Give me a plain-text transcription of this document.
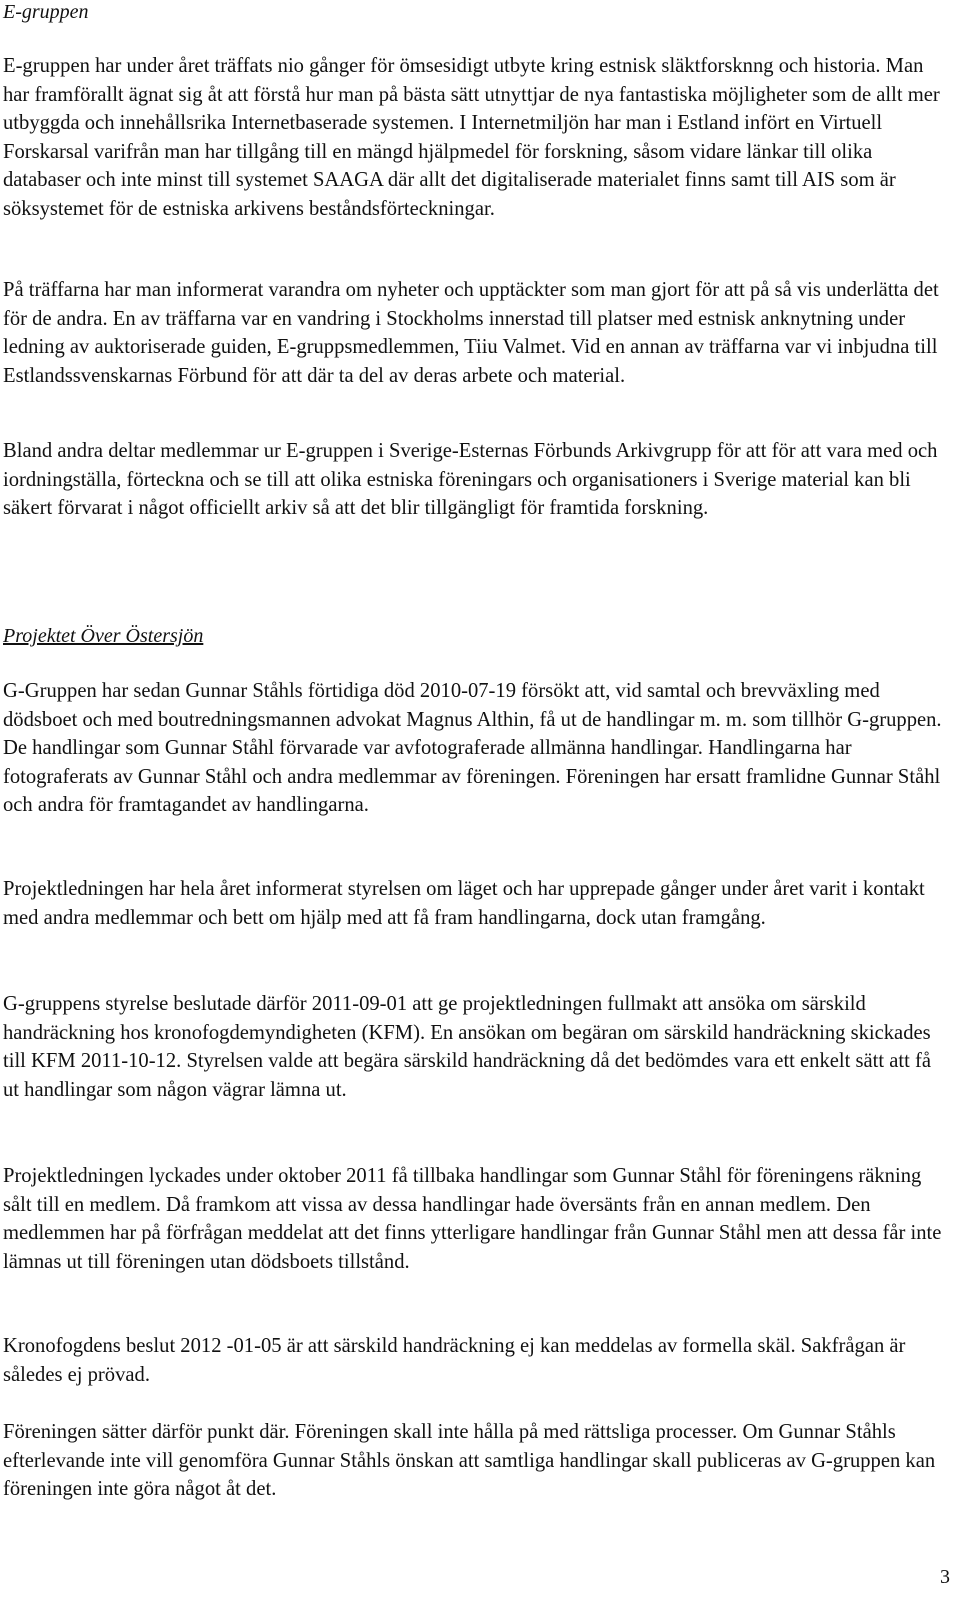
E-gruppen

E-gruppen har under året träffats nio gånger för ömsesidigt utbyte kring estnisk släktforsknng och historia. Man har framförallt ägnat sig åt att förstå hur man på bästa sätt utnyttjar de nya fantastiska möjligheter som de allt mer utbyggda och innehållsrika Internetbaserade systemen. I Internetmiljön har man i Estland infört en Virtuell Forskarsal varifrån man har tillgång till en mängd hjälpmedel för forskning, såsom vidare länkar till olika databaser och inte minst till systemet SAAGA där allt det digitaliserade materialet finns samt till AIS som är söksystemet för de estniska arkivens beståndsförteckningar.

På träffarna har man informerat varandra om nyheter och upptäckter som man gjort för att på så vis underlätta det för de andra. En av träffarna var en vandring i Stockholms innerstad till platser med estnisk anknytning under ledning av auktoriserade guiden, E-gruppsmedlemmen, Tiiu Valmet. Vid en annan av träffarna var vi inbjudna till Estlandssvenskarnas Förbund för att där ta del av deras arbete och material.

Bland andra deltar medlemmar ur E-gruppen i Sverige-Esternas Förbunds Arkivgrupp för att för att vara med och iordningställa, förteckna och se till att olika estniska föreningars och organisationers i Sverige material kan bli säkert förvarat i något officiellt arkiv så att det blir tillgängligt för framtida forskning.

Projektet Över Östersjön

G-Gruppen har sedan Gunnar Ståhls förtidiga död 2010-07-19 försökt att, vid samtal och brevväxling med dödsboet och med boutredningsmannen advokat Magnus Althin, få ut de handlingar m. m. som tillhör G-gruppen. De handlingar som Gunnar Ståhl förvarade var avfotograferade allmänna handlingar. Handlingarna har fotograferats av Gunnar Ståhl och andra medlemmar av föreningen. Föreningen har ersatt framlidne Gunnar Ståhl och andra för framtagandet av handlingarna.

Projektledningen har hela året informerat styrelsen om läget och har upprepade gånger under året varit i kontakt med andra medlemmar och bett om hjälp med att få fram handlingarna, dock utan framgång.

G-gruppens styrelse beslutade därför 2011-09-01 att ge projektledningen fullmakt att ansöka om särskild handräckning hos kronofogdemyndigheten (KFM). En ansökan om begäran om särskild handräckning skickades till KFM 2011-10-12. Styrelsen valde att begära särskild handräckning då det bedömdes vara ett enkelt sätt att få ut handlingar som någon vägrar lämna ut.

Projektledningen lyckades under oktober 2011 få tillbaka handlingar som Gunnar Ståhl för föreningens räkning sålt till en medlem. Då framkom att vissa av dessa handlingar hade översänts från en annan medlem. Den medlemmen har på förfrågan meddelat att det finns ytterligare handlingar från Gunnar Ståhl men att dessa får inte lämnas ut till föreningen utan dödsboets tillstånd.

Kronofogdens beslut 2012 -01-05 är att särskild handräckning ej kan meddelas av formella skäl. Sakfrågan är således ej prövad.

Föreningen sätter därför punkt där. Föreningen skall inte hålla på med rättsliga processer. Om Gunnar Ståhls efterlevande inte vill genomföra Gunnar Ståhls önskan att samtliga handlingar skall publiceras av G-gruppen kan föreningen inte göra något åt det.

3
